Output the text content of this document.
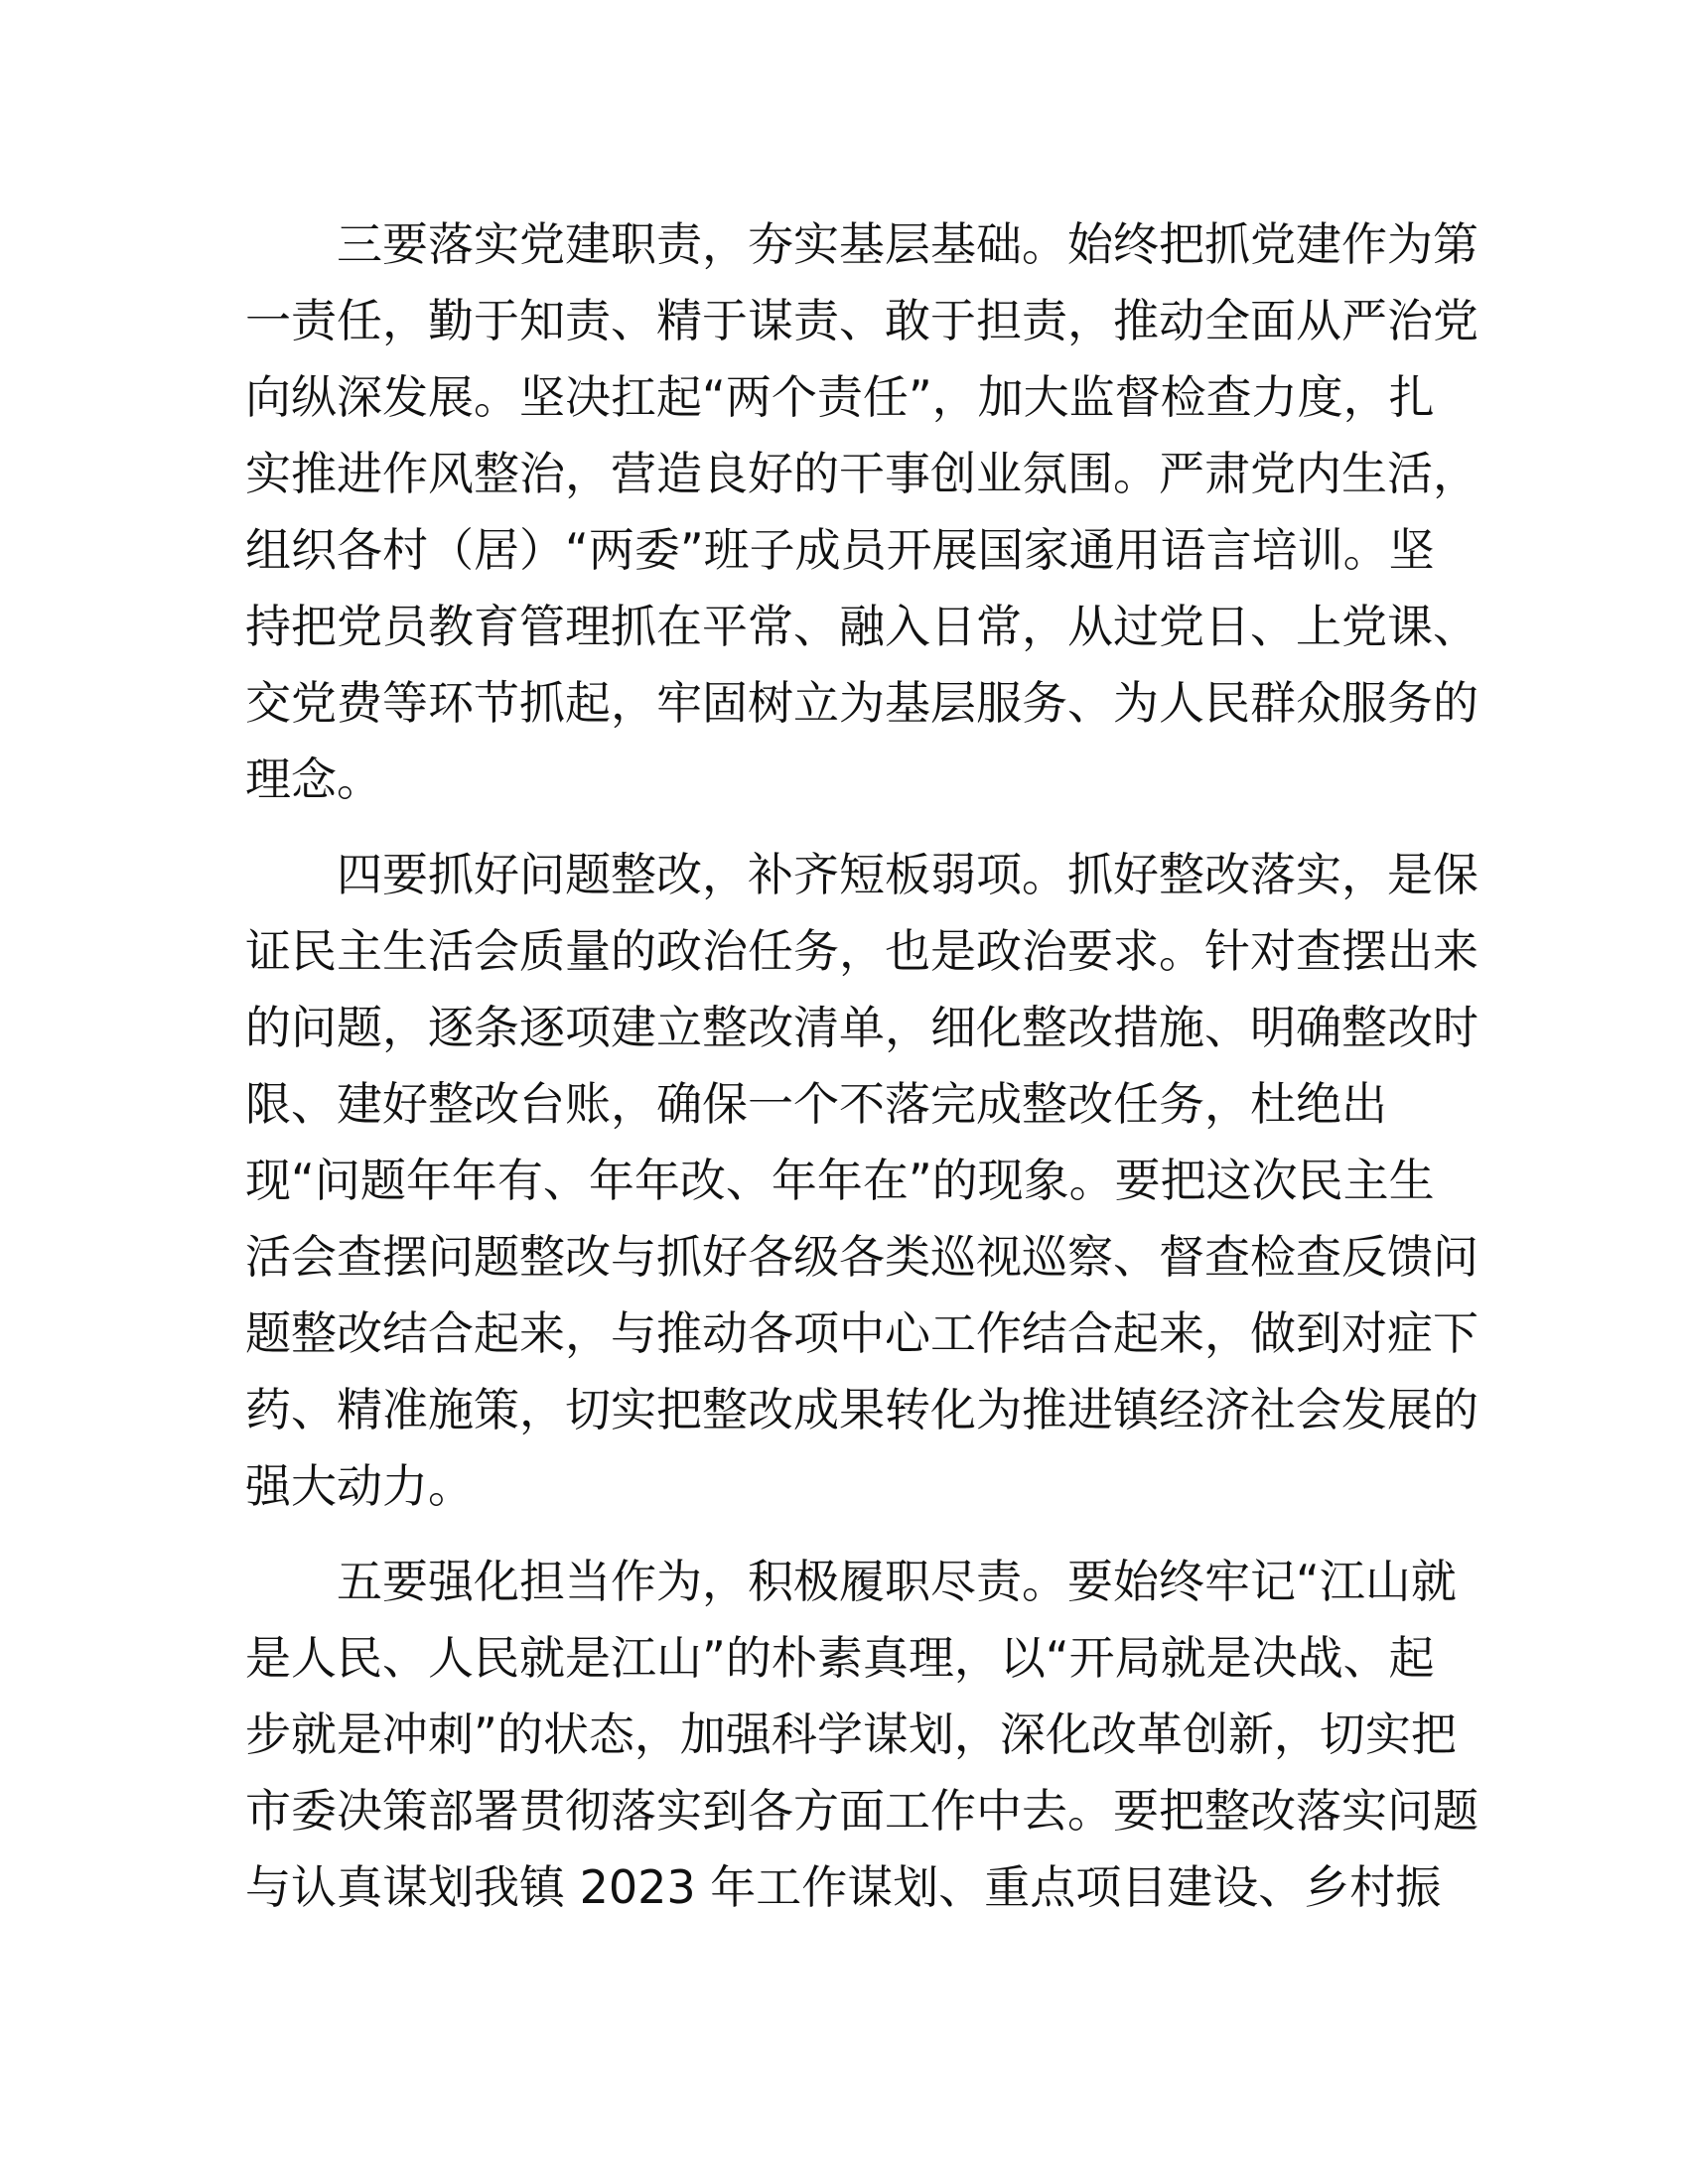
三要落实党建职责，夯实基层基础。始终把抓党建作为第
一责任，勤于知责、精于谋责、敢于担责，推动全面从严治党
向纵深发展。坚决扛起“两个责任”，加大监督检查力度，扎
实推进作风整治，营造良好的干事创业氛围。严肃党内生活，
组织各村（居）“两委”班子成员开展国家通用语言培训。坚
持把党员教育管理抓在平常、融入日常，从过党日、上党课、
交党费等环节抓起，牢固树立为基层服务、为人民群众服务的
理念。
四要抓好问题整改，补齐短板弱项。抓好整改落实，是保
证民主生活会质量的政治任务，也是政治要求。针对查摆出来
的问题，逐条逐项建立整改清单，细化整改措施、明确整改时
限、建好整改台账，确保一个不落完成整改任务，杜绝出
现“问题年年有、年年改、年年在”的现象。要把这次民主生
活会查摆问题整改与抓好各级各类巡视巡察、督查检查反馈问
题整改结合起来，与推动各项中心工作结合起来，做到对症下
药、精准施策，切实把整改成果转化为推进镇经济社会发展的
强大动力。
五要强化担当作为，积极履职尽责。要始终牢记“江山就
是人民、人民就是江山”的朴素真理，以“开局就是决战、起
步就是冲刺”的状态，加强科学谋划，深化改革创新，切实把
市委决策部署贯彻落实到各方面工作中去。要把整改落实问题
与认真谋划我镇 2023 年工作谋划、重点项目建设、乡村振
